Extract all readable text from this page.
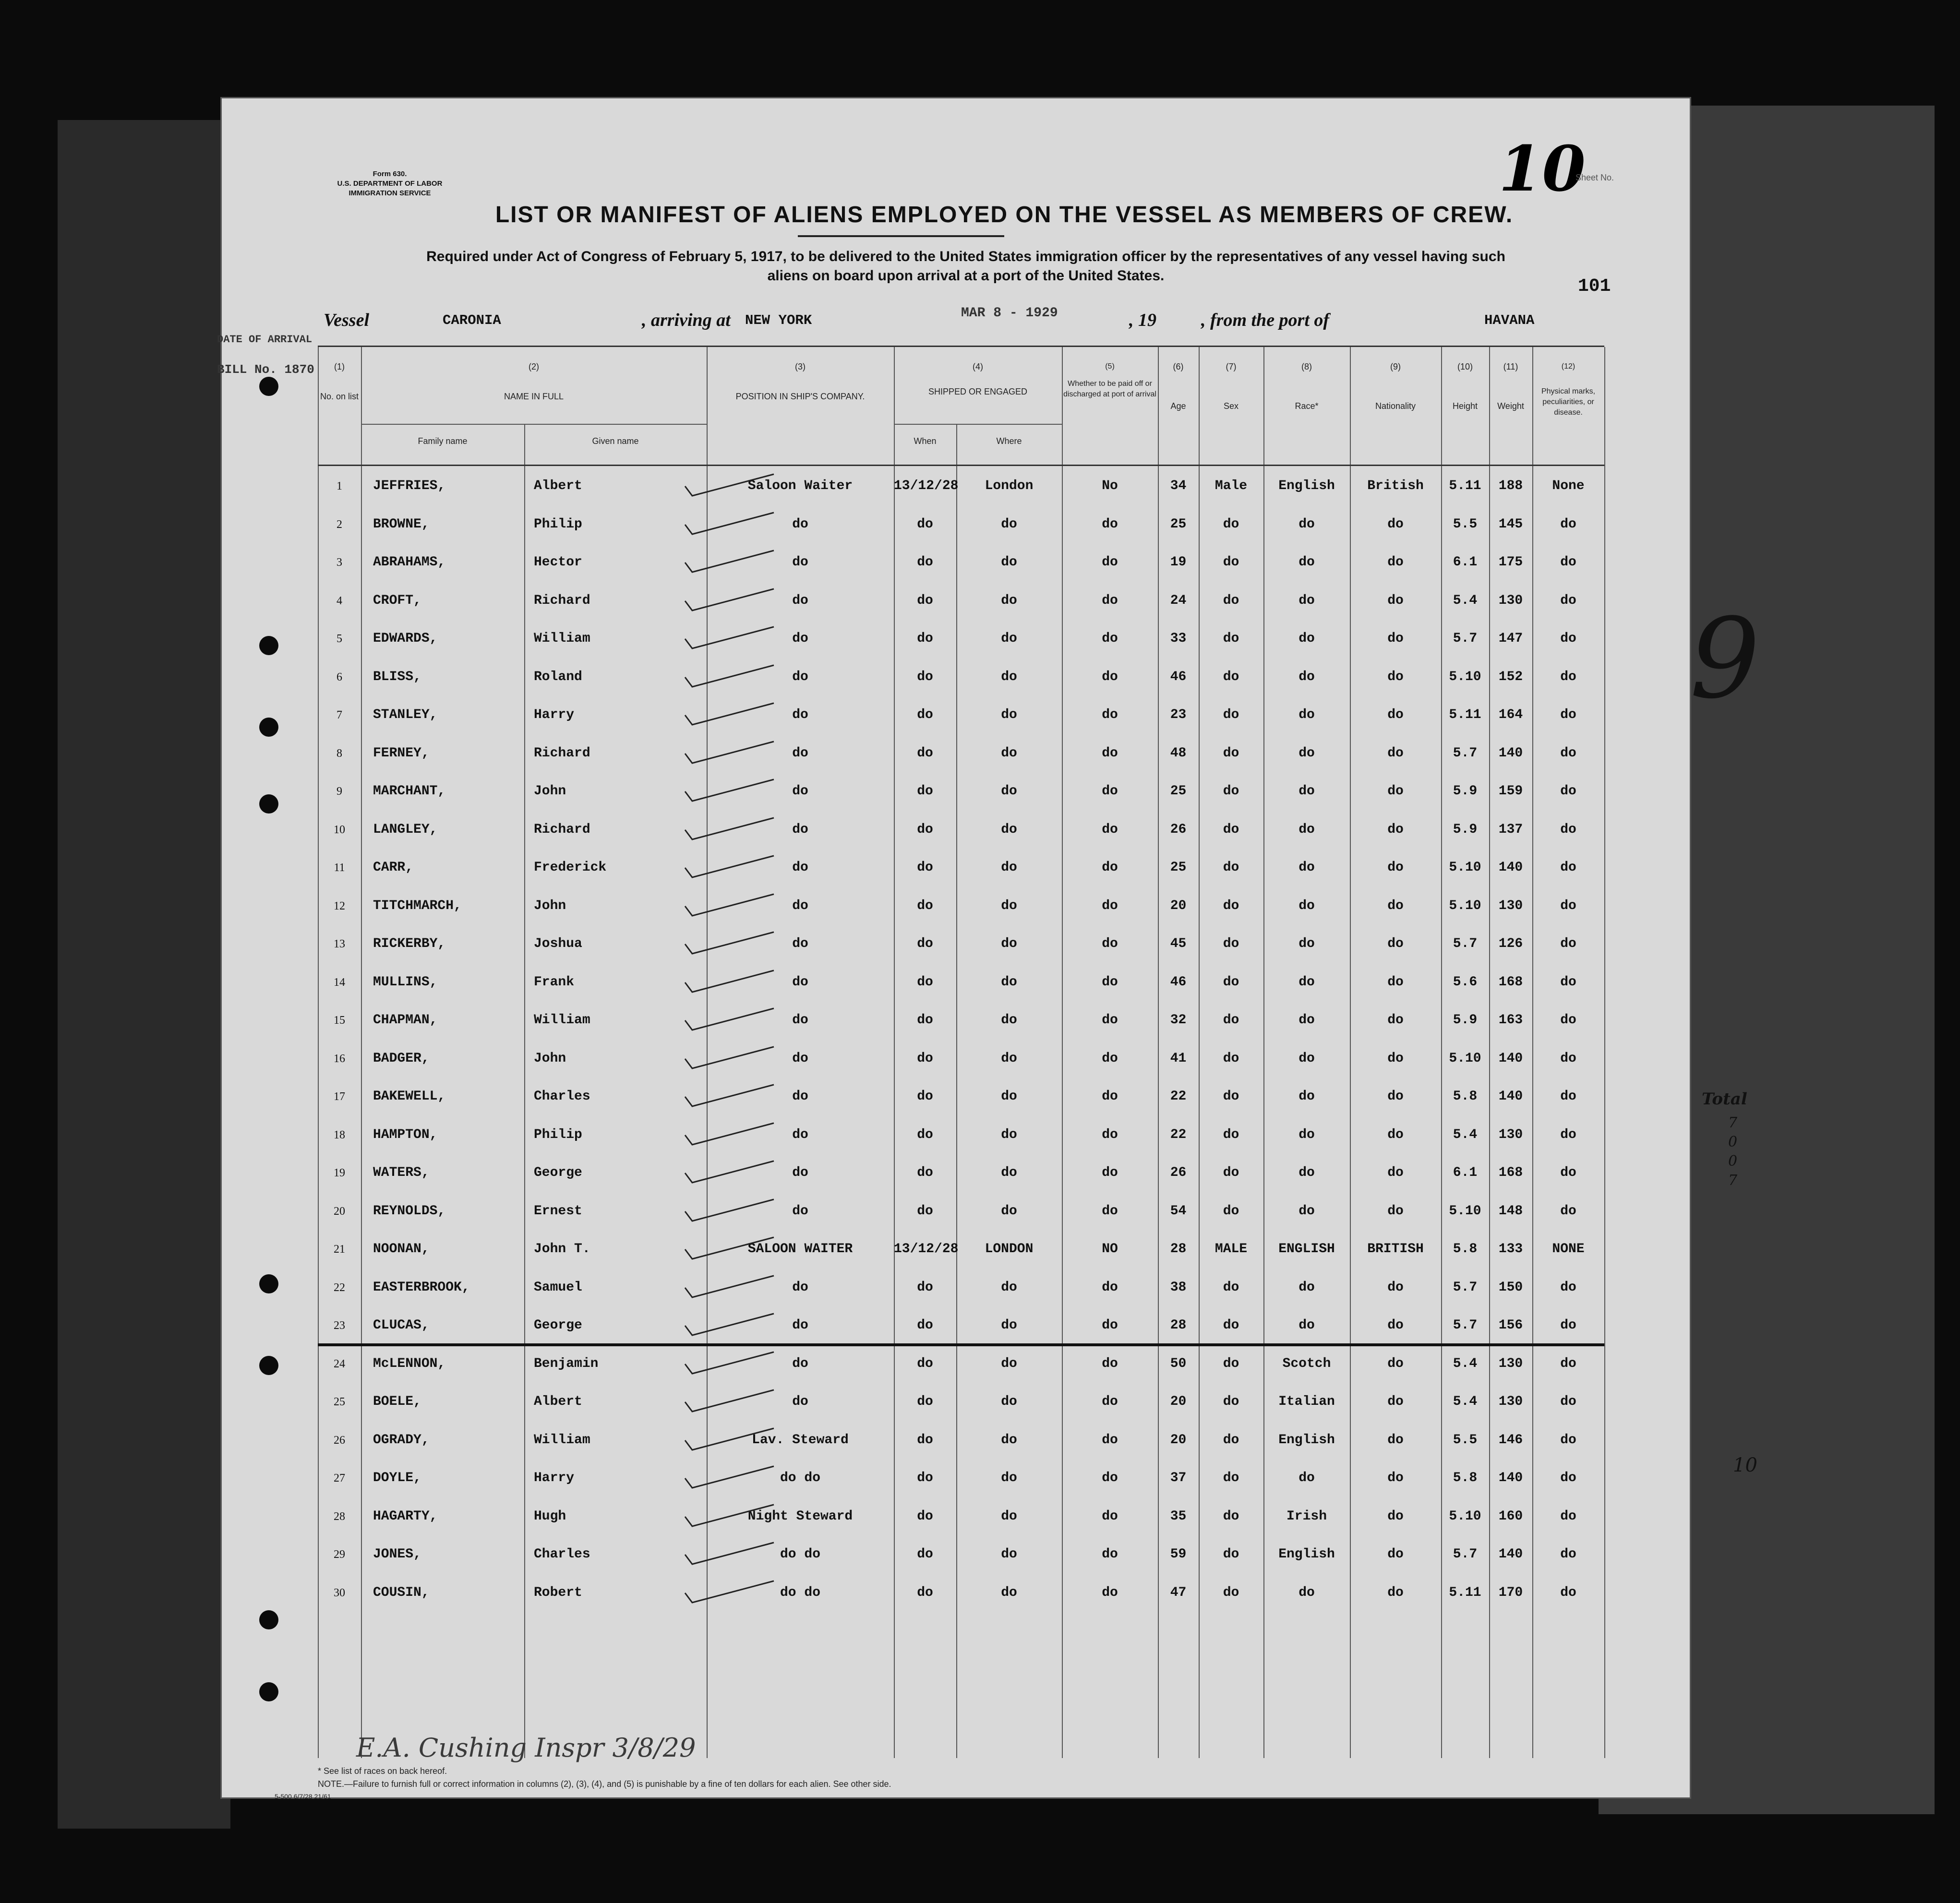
9
Total
7
0
0
7
10
DATE OF ARRIVAL
BILL No. 1870
Form 630.
U.S. DEPARTMENT OF LABOR
IMMIGRATION SERVICE	10
Sheet No.
LIST OR MANIFEST OF ALIENS EMPLOYED ON THE VESSEL AS MEMBERS OF CREW.
Required under Act of Congress of February 5, 1917, to be delivered to the United States immigration officer by the representatives of any vessel having such
aliens on board upon arrival at a port of the United States.
101
Vessel	CARONIA	, arriving at NEW YORK	MAR 8 - 1929	, 19 , from the port of	HAVANA
(1)
No. on list
(2)
NAME IN FULL
Family name	Given name
(3)
POSITION IN SHIP'S COMPANY.
(4)
SHIPPED OR ENGAGED
When	Where
(5)
Whether to be paid off or discharged at port of arrival
(6)
Age
(7)
Sex
(8)
Race*
(9)
Nationality
(10)
Height
(11)
Weight
(12)
Physical marks, peculiarities, or disease.
1	JEFFRIES,	Albert	Saloon Waiter	13/12/28	London	No	34	Male	English	British	5.11	188	None
2	BROWNE,	Philip	do	do	do	do	25	do	do	do	5.5	145	do
3	ABRAHAMS,	Hector	do	do	do	do	19	do	do	do	6.1	175	do
4	CROFT,	Richard	do	do	do	do	24	do	do	do	5.4	130	do
5	EDWARDS,	William	do	do	do	do	33	do	do	do	5.7	147	do
6	BLISS,	Roland	do	do	do	do	46	do	do	do	5.10	152	do
7	STANLEY,	Harry	do	do	do	do	23	do	do	do	5.11	164	do
8	FERNEY,	Richard	do	do	do	do	48	do	do	do	5.7	140	do
9	MARCHANT,	John	do	do	do	do	25	do	do	do	5.9	159	do
10	LANGLEY,	Richard	do	do	do	do	26	do	do	do	5.9	137	do
11	CARR,	Frederick	do	do	do	do	25	do	do	do	5.10	140	do
12	TITCHMARCH,	John	do	do	do	do	20	do	do	do	5.10	130	do
13	RICKERBY,	Joshua	do	do	do	do	45	do	do	do	5.7	126	do
14	MULLINS,	Frank	do	do	do	do	46	do	do	do	5.6	168	do
15	CHAPMAN,	William	do	do	do	do	32	do	do	do	5.9	163	do
16	BADGER,	John	do	do	do	do	41	do	do	do	5.10	140	do
17	BAKEWELL,	Charles	do	do	do	do	22	do	do	do	5.8	140	do
18	HAMPTON,	Philip	do	do	do	do	22	do	do	do	5.4	130	do
19	WATERS,	George	do	do	do	do	26	do	do	do	6.1	168	do
20	REYNOLDS,	Ernest	do	do	do	do	54	do	do	do	5.10	148	do
21	NOONAN,	John T.	SALOON WAITER	13/12/28	LONDON	NO	28	MALE	ENGLISH	BRITISH	5.8	133	NONE
22	EASTERBROOK,	Samuel	do	do	do	do	38	do	do	do	5.7	150	do
23	CLUCAS,	George	do	do	do	do	28	do	do	do	5.7	156	do
24	McLENNON,	Benjamin	do	do	do	do	50	do	Scotch	do	5.4	130	do
25	BOELE,	Albert	do	do	do	do	20	do	Italian	do	5.4	130	do
26	OGRADY,	William	Lav. Steward	do	do	do	20	do	English	do	5.5	146	do
27	DOYLE,	Harry	do do	do	do	do	37	do	do	do	5.8	140	do
28	HAGARTY,	Hugh	Night Steward	do	do	do	35	do	Irish	do	5.10	160	do
29	JONES,	Charles	do do	do	do	do	59	do	English	do	5.7	140	do
30	COUSIN,	Robert	do do	do	do	do	47	do	do	do	5.11	170	do
E.A. Cushing Inspr 3/8/29
* See list of races on back hereof.
NOTE.—Failure to furnish full or correct information in columns (2), (3), (4), and (5) is punishable by a fine of ten dollars for each alien. See other side.
5-500 6/7/28 21/61
